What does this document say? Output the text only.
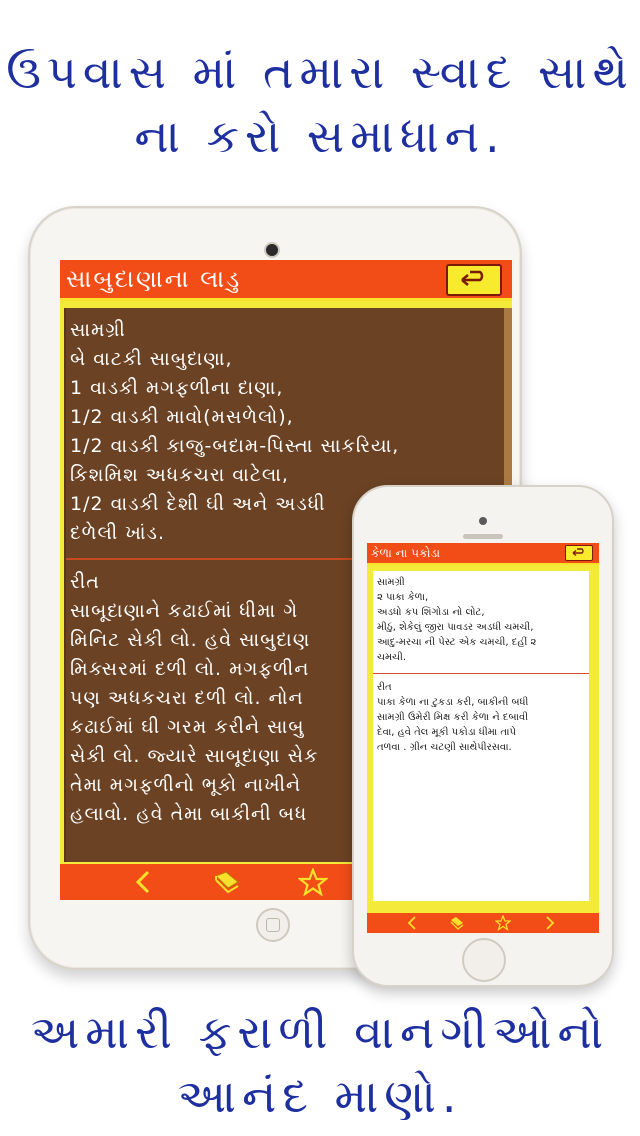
ઉપવાસ માં તમારા સ્વાદ સાથે
ના કરો સમાધાન.
સાબુદાણાના લાડુ
સામગ્રી
બે વાટકી સાબુદાણા,
1 વાડકી મગફળીના દાણા,
1/2 વાડકી માવો(મસળેલો),
1/2 વાડકી કાજુ-બદામ-પિસ્તા સાકરિયા,
કિશમિશ અધકચરા વાટેલા,
1/2 વાડકી દેશી ઘી અને અડધી
દળેલી ખાંડ.
રીત
સાબૂદાણાને કઢાઈમાં ધીમા ગે
મિનિટ સેકી લો. હવે સાબુદાણ
મિક્સરમાં દળી લો. મગફળીન
પણ અધકચરા દળી લો. નોન
કઢાઈમાં ઘી ગરમ કરીને સાબુ
સેકી લો. જ્યારે સાબૂદાણા સેક
તેમા મગફળીનો ભૂકો નાખીને
હલાવો. હવે તેમા બાકીની બધ
કેળા ના પકોડા
સામગ્રી
૨ પાકા કેળા,
અડધો કપ શિંગોડા નો લોટ,
મીઠું, શેકેલું જીરા પાવડર અડધી ચમચી,
આદુ-મરચા ની પેસ્ટ એક ચમચી, દહીં ૨
ચમચી.
રીત
પાકા કેળા ના ટુકડા કરી, બાકીની બધી
સામગ્રી ઉમેરી મિક્ષ કરી કેળા ને દબાવી
દેવા, હવે તેલ મૂકી પકોડા ધીમા તાપે
તળવા . ગ્રીન ચટણી સાથેપીરસવા.
અમારી ફરાળી વાનગીઓનો
આનંદ માણો.
